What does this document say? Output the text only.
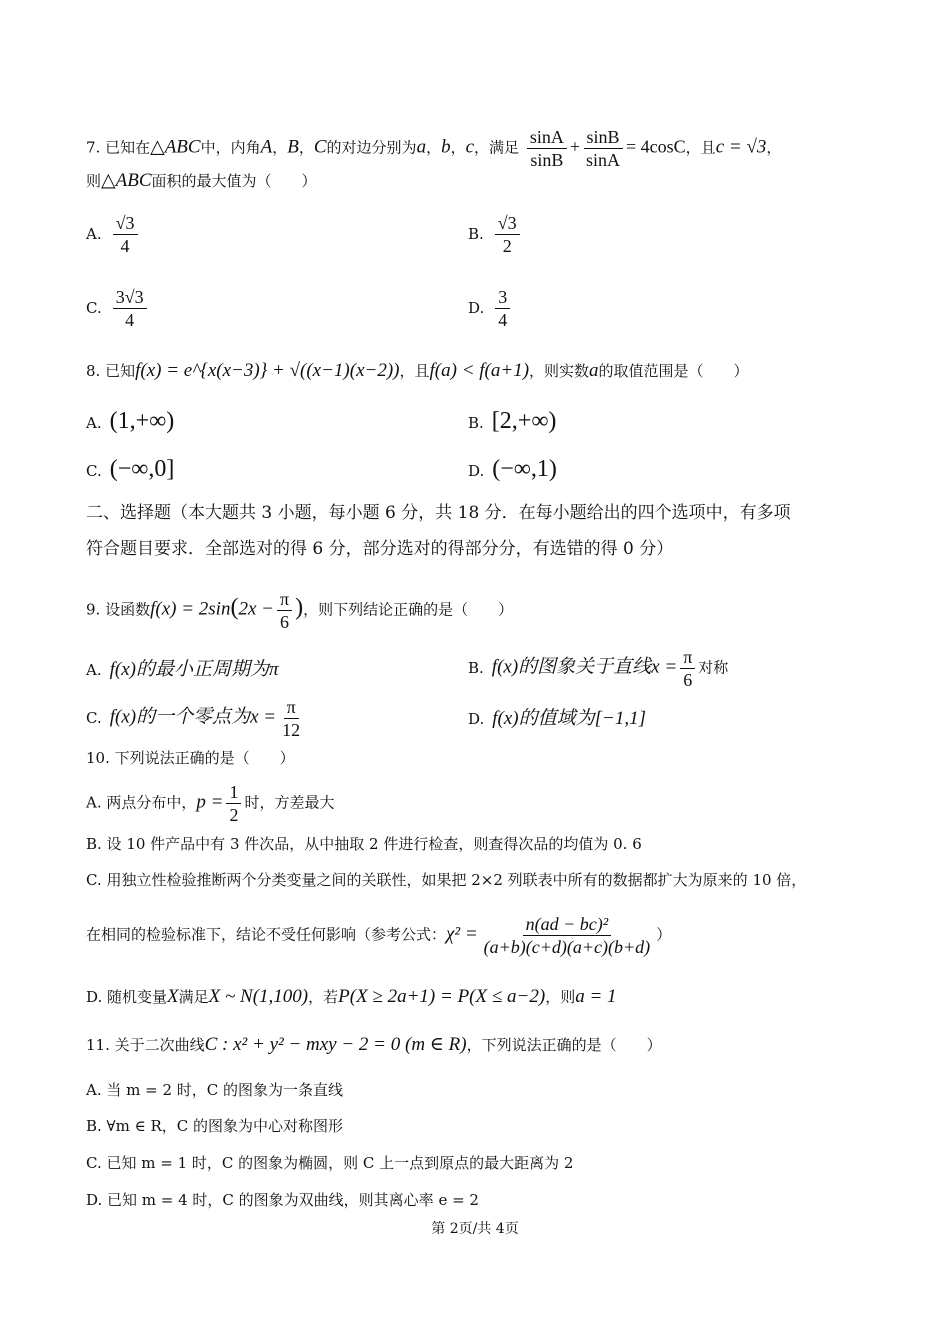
7. 已知在△ABC中，内角A，B，C的对边分别为a，b，c，满足 $\frac{\sin A}{\sin B} + \frac{\sin B}{\sin A} = 4\cos C$，且c = √3，
则△ABC面积的最大值为（　　）
A. $\frac{√3}{4}$	B. $\frac{√3}{2}$
C. $\frac{3√3}{4}$	D. $\frac{3}{4}$
8. 已知f(x) = e^{x(x−3)} + √((x−1)(x−2))，且f(a) < f(a+1)，则实数a的取值范围是（　　）
A. (1,+∞)	B. [2,+∞)
C. (−∞,0]	D. (−∞,1)
二、选择题（本大题共 3 小题，每小题 6 分，共 18 分．在每小题给出的四个选项中，有多项
符合题目要求．全部选对的得 6 分，部分选对的得部分分，有选错的得 0 分）
9. 设函数$f(x) = 2\sin(2x - \frac{\pi}{6}$ )，则下列结论正确的是（　　）
A. f(x)的最小正周期为π	B. f(x)的图象关于直线$x = \frac{\pi}{6}$ 对称
C. f(x)的一个零点为$x = \frac{\pi}{12}$	D. f(x)的值域为[−1,1]
10. 下列说法正确的是（　　）
A. 两点分布中，$p = \frac{1}{2}$ 时，方差最大
B. 设 10 件产品中有 3 件次品，从中抽取 2 件进行检查，则查得次品的均值为 0. 6
C. 用独立性检验推断两个分类变量之间的关联性，如果把 2×2 列联表中所有的数据都扩大为原来的 10 倍，
在相同的检验标准下，结论不受任何影响（参考公式：$\chi^2 = \frac{\text{n(ad − bc)²}}{(a+b)(c+d)(a+c)(b+d)}$ ）
D. 随机变量X满足X ~ N(1,100)，若P(X ≥ 2a+1) = P(X ≤ a−2)，则a = 1
11. 关于二次曲线C : x² + y² − mxy − 2 = 0 (m ∈ R)，下列说法正确的是（　　）
A. 当 m = 2 时，C 的图象为一条直线
B. ∀m ∈ R，C 的图象为中心对称图形
C. 已知 m = 1 时，C 的图象为椭圆，则 C 上一点到原点的最大距离为 2
D. 已知 m = 4 时，C 的图象为双曲线，则其离心率 e = 2
第 2页/共 4页
